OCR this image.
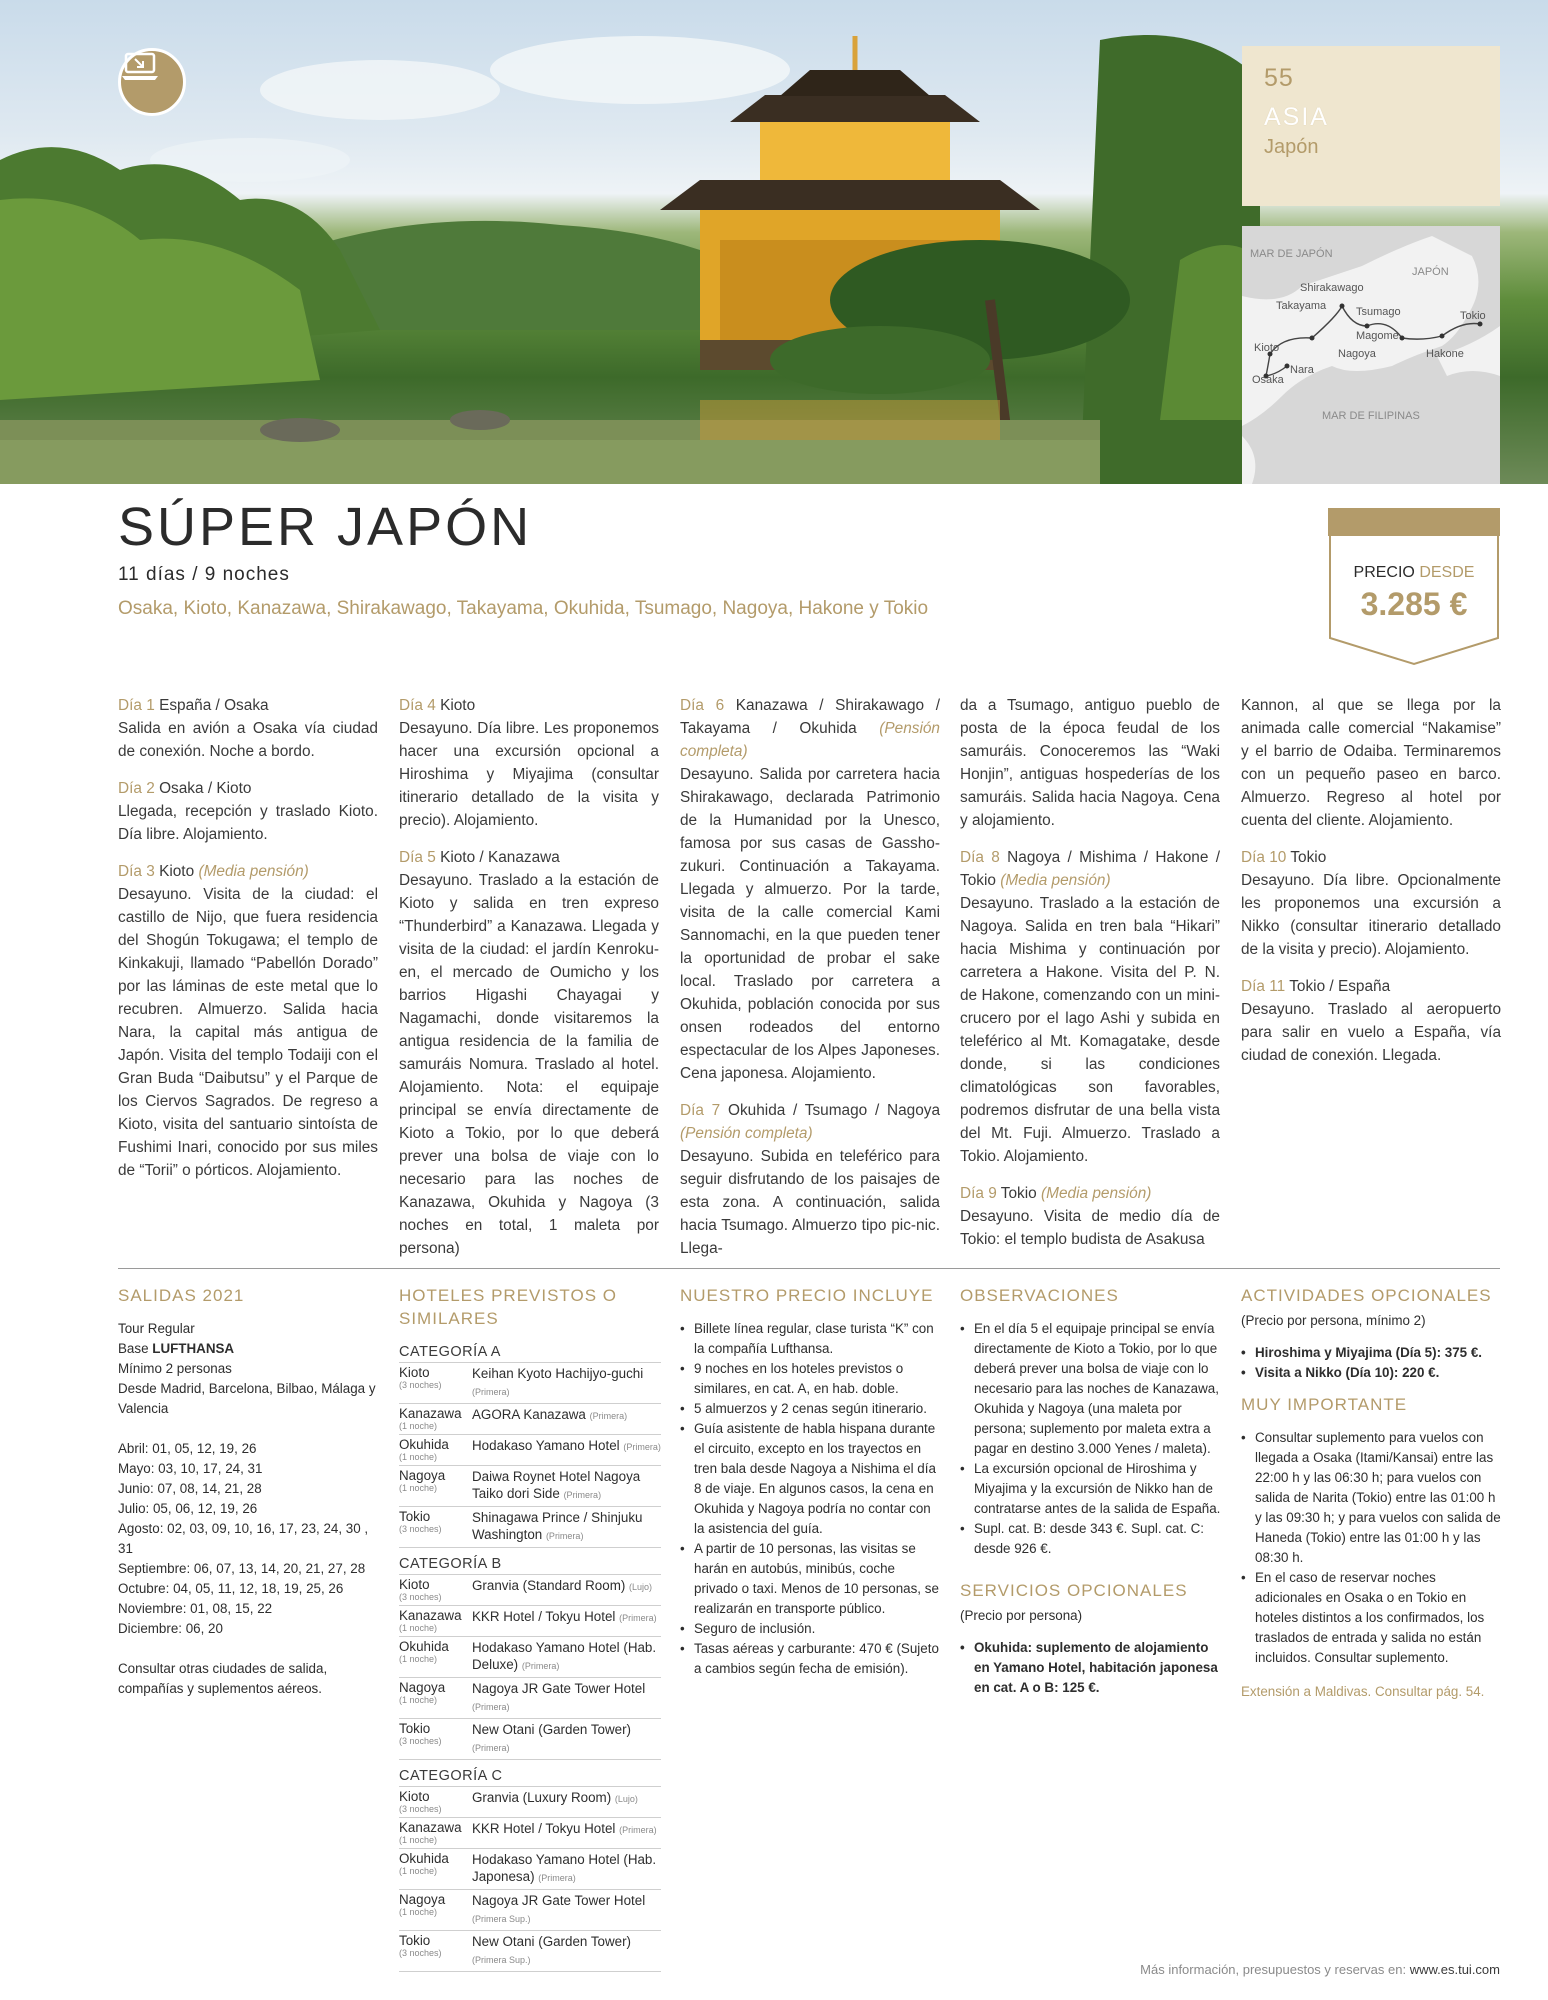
55
ASIA
Japón
MAR DE JAPÓN
JAPÓN
MAR DE FILIPINAS
Shirakawago
Takayama	Tsumago	Tokio
Magome
Kioto	Nagoya	Hakone
Nara
Osaka
SÚPER JAPÓN
11 días / 9 noches
Osaka, Kioto, Kanazawa, Shirakawago, Takayama, Okuhida, Tsumago, Nagoya, Hakone y Tokio
PRECIO DESDE
3.285 €

Día 1 España / Osaka
Salida en avión a Osaka vía ciudad de conexión. Noche a bordo.

Día 2 Osaka / Kioto
Llegada, recepción y traslado Kioto. Día libre. Alojamiento.

Día 3 Kioto (Media pensión)
Desayuno. Visita de la ciudad: el castillo de Nijo, que fuera residencia del Shogún Tokugawa; el templo de Kinkakuji, llamado “Pabellón Dorado” por las láminas de este metal que lo recubren. Almuerzo. Salida hacia Nara, la capital más antigua de Japón. Visita del templo Todaiji con el Gran Buda “Daibutsu” y el Parque de los Ciervos Sagrados. De regreso a Kioto, visita del santuario sintoísta de Fushimi Inari, conocido por sus miles de “Torii” o pórticos. Alojamiento.

Día 4 Kioto
Desayuno. Día libre. Les proponemos hacer una excursión opcional a Hiroshima y Miyajima (consultar itinerario detallado de la visita y precio). Alojamiento.

Día 5 Kioto / Kanazawa
Desayuno. Traslado a la estación de Kioto y salida en tren expreso “Thunderbird” a Kanazawa. Llegada y visita de la ciudad: el jardín Kenroku-en, el mercado de Oumicho y los barrios Higashi Chayagai y Nagamachi, donde visitaremos la antigua residencia de la familia de samuráis Nomura. Traslado al hotel. Alojamiento. Nota: el equipaje principal se envía directamente de Kioto a Tokio, por lo que deberá prever una bolsa de viaje con lo necesario para las noches de Kanazawa, Okuhida y Nagoya (3 noches en total, 1 maleta por persona)

Día 6 Kanazawa / Shirakawago / Takayama / Okuhida (Pensión completa)
Desayuno. Salida por carretera hacia Shirakawago, declarada Patrimonio de la Humanidad por la Unesco, famosa por sus casas de Gassho-zukuri. Continuación a Takayama. Llegada y almuerzo. Por la tarde, visita de la calle comercial Kami Sannomachi, en la que pueden tener la oportunidad de probar el sake local. Traslado por carretera a Okuhida, población conocida por sus onsen rodeados del entorno espectacular de los Alpes Japoneses. Cena japonesa. Alojamiento.

Día 7 Okuhida / Tsumago / Nagoya (Pensión completa)
Desayuno. Subida en teleférico para seguir disfrutando de los paisajes de esta zona. A continuación, salida hacia Tsumago. Almuerzo tipo pic-nic. Llega-

da a Tsumago, antiguo pueblo de posta de la época feudal de los samuráis. Conoceremos las “Waki Honjin”, antiguas hospederías de los samuráis. Salida hacia Nagoya. Cena y alojamiento.

Día 8 Nagoya / Mishima / Hakone / Tokio (Media pensión)
Desayuno. Traslado a la estación de Nagoya. Salida en tren bala “Hikari” hacia Mishima y continuación por carretera a Hakone. Visita del P. N. de Hakone, comenzando con un mini-crucero por el lago Ashi y subida en teleférico al Mt. Komagatake, desde donde, si las condiciones climatológicas son favorables, podremos disfrutar de una bella vista del Mt. Fuji. Almuerzo. Traslado a Tokio. Alojamiento.

Día 9 Tokio (Media pensión)
Desayuno. Visita de medio día de Tokio: el templo budista de Asakusa

Kannon, al que se llega por la animada calle comercial “Nakamise” y el barrio de Odaiba. Terminaremos con un pequeño paseo en barco. Almuerzo. Regreso al hotel por cuenta del cliente. Alojamiento.

Día 10 Tokio
Desayuno. Día libre. Opcionalmente les proponemos una excursión a Nikko (consultar itinerario detallado de la visita y precio). Alojamiento.

Día 11 Tokio / España
Desayuno. Traslado al aeropuerto para salir en vuelo a España, vía ciudad de conexión. Llegada.

SALIDAS 2021
Tour Regular
Base LUFTHANSA
Mínimo 2 personas
Desde Madrid, Barcelona, Bilbao, Málaga y Valencia
Abril: 01, 05, 12, 19, 26
Mayo: 03, 10, 17, 24, 31
Junio: 07, 08, 14, 21, 28
Julio: 05, 06, 12, 19, 26
Agosto: 02, 03, 09, 10, 16, 17, 23, 24, 30 , 31
Septiembre: 06, 07, 13, 14, 20, 21, 27, 28
Octubre: 04, 05, 11, 12, 18, 19, 25, 26
Noviembre: 01, 08, 15, 22
Diciembre: 06, 20
Consultar otras ciudades de salida, compañías y suplementos aéreos.
HOTELES PREVISTOS O SIMILARES
CATEGORÍA A
Kioto
(3 noches)
Keihan Kyoto Hachijyo-guchi (Primera)
Kanazawa
(1 noche)
AGORA Kanazawa (Primera)
Okuhida
(1 noche)
Hodakaso Yamano Hotel (Primera)
Nagoya
(1 noche)
Daiwa Roynet Hotel Nagoya Taiko dori Side (Primera)
Tokio
(3 noches)
Shinagawa Prince / Shinjuku Washington (Primera)
CATEGORÍA B
Kioto
(3 noches)
Granvia (Standard Room) (Lujo)
Kanazawa
(1 noche)
KKR Hotel / Tokyu Hotel (Primera)
Okuhida
(1 noche)
Hodakaso Yamano Hotel (Hab. Deluxe) (Primera)
Nagoya
(1 noche)
Nagoya JR Gate Tower Hotel (Primera)
Tokio
(3 noches)
New Otani (Garden Tower) (Primera)
CATEGORÍA C
Kioto
(3 noches)
Granvia (Luxury Room) (Lujo)
Kanazawa
(1 noche)
KKR Hotel / Tokyu Hotel (Primera)
Okuhida
(1 noche)
Hodakaso Yamano Hotel (Hab. Japonesa) (Primera)
Nagoya
(1 noche)
Nagoya JR Gate Tower Hotel (Primera Sup.)
Tokio
(3 noches)
New Otani (Garden Tower) (Primera Sup.)
NUESTRO PRECIO INCLUYE
• Billete línea regular, clase turista “K” con la compañía Lufthansa.
• 9 noches en los hoteles previstos o similares, en cat. A, en hab. doble.
• 5 almuerzos y 2 cenas según itinerario.
• Guía asistente de habla hispana durante el circuito, excepto en los trayectos en tren bala desde Nagoya a Nishima el día 8 de viaje. En algunos casos, la cena en Okuhida y Nagoya podría no contar con la asistencia del guía.
• A partir de 10 personas, las visitas se harán en autobús, minibús, coche privado o taxi. Menos de 10 personas, se realizarán en transporte público.
• Seguro de inclusión.
• Tasas aéreas y carburante: 470 € (Sujeto a cambios según fecha de emisión).
OBSERVACIONES
• En el día 5 el equipaje principal se envía directamente de Kioto a Tokio, por lo que deberá prever una bolsa de viaje con lo necesario para las noches de Kanazawa, Okuhida y Nagoya (una maleta por persona; suplemento por maleta extra a pagar en destino 3.000 Yenes / maleta).
• La excursión opcional de Hiroshima y Miyajima y la excursión de Nikko han de contratarse antes de la salida de España.
• Supl. cat. B: desde 343 €. Supl. cat. C: desde 926 €.
SERVICIOS OPCIONALES
(Precio por persona)
• Okuhida: suplemento de alojamiento en Yamano Hotel, habitación japonesa en cat. A o B: 125 €.
ACTIVIDADES OPCIONALES
(Precio por persona, mínimo 2)
• Hiroshima y Miyajima (Día 5): 375 €.
• Visita a Nikko (Día 10): 220 €.
MUY IMPORTANTE
• Consultar suplemento para vuelos con llegada a Osaka (Itami/Kansai) entre las 22:00 h y las 06:30 h; para vuelos con salida de Narita (Tokio) entre las 01:00 h y las 09:30 h; y para vuelos con salida de Haneda (Tokio) entre las 01:00 h y las 08:30 h.
• En el caso de reservar noches adicionales en Osaka o en Tokio en hoteles distintos a los confirmados, los traslados de entrada y salida no están incluidos. Consultar suplemento.
Extensión a Maldivas. Consultar pág. 54.
Más información, presupuestos y reservas en: www.es.tui.com
